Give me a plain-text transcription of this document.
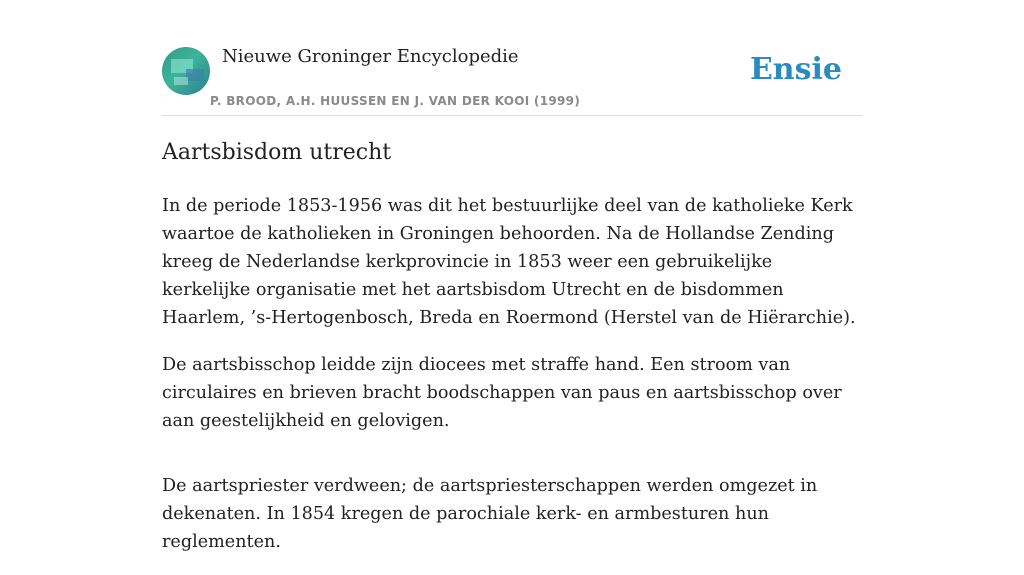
Nieuwe Groninger Encyclopedie
P. BROOD, A.H. HUUSSEN EN J. VAN DER KOOI (1999)
Ensie
Aartsbisdom utrecht

In de periode 1853-1956 was dit het bestuurlijke deel van de katholieke Kerk waartoe de katholieken in Groningen behoorden. Na de Hollandse Zending kreeg de Nederlandse kerkprovincie in 1853 weer een gebruikelijke kerkelijke organisatie met het aartsbisdom Utrecht en de bisdommen Haarlem, ’s-Hertogenbosch, Breda en Roermond (Herstel van de Hiërarchie).

De aartsbisschop leidde zijn diocees met straffe hand. Een stroom van circulaires en brieven bracht boodschappen van paus en aartsbisschop over aan geestelijkheid en gelovigen.

De aartspriester verdween; de aartspriesterschappen werden omgezet in dekenaten. In 1854 kregen de parochiale kerk- en armbesturen hun reglementen.
